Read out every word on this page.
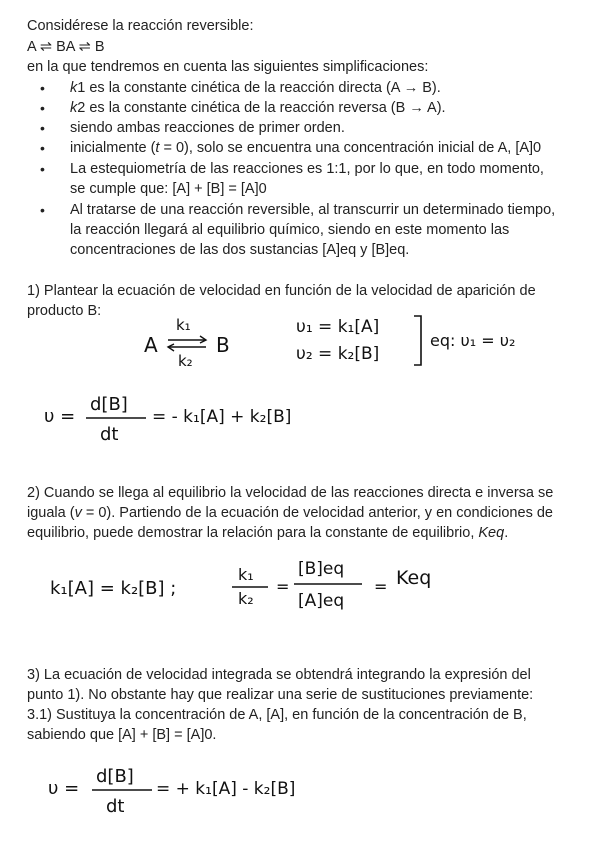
Considérese la reacción reversible:
A ⇌ BA ⇌ B
en la que tendremos en cuenta las siguientes simplificaciones:
• k1 es la constante cinética de la reacción directa (A → B).
• k2 es la constante cinética de la reacción reversa (B → A).
• siendo ambas reacciones de primer orden.
• inicialmente (t = 0), solo se encuentra una concentración inicial de A, [A]0
• La estequiometría de las reacciones es 1:1, por lo que, en todo momento,
se cumple que: [A] + [B] = [A]0
• Al tratarse de una reacción reversible, al transcurrir un determinado tiempo,
la reacción llegará al equilibrio químico, siendo en este momento las
concentraciones de las dos sustancias [A]eq y [B]eq.
1) Plantear la ecuación de velocidad en función de la velocidad de aparición de
producto B:
A
k₁
k₂
B
υ₁ = k₁[A]
υ₂ = k₂[B]
eq: υ₁ = υ₂
υ =
d[B]
dt
= - k₁[A] + k₂[B]
k₁[A] = k₂[B] ;
k₁
k₂
=
[B]eq
[A]eq
= Keq
υ =
d[B]
dt
= + k₁[A] - k₂[B]
2) Cuando se llega al equilibrio la velocidad de las reacciones directa e inversa se
iguala (v = 0). Partiendo de la ecuación de velocidad anterior, y en condiciones de
equilibrio, puede demostrar la relación para la constante de equilibrio, Keq.
3) La ecuación de velocidad integrada se obtendrá integrando la expresión del
punto 1). No obstante hay que realizar una serie de sustituciones previamente:
3.1) Sustituya la concentración de A, [A], en función de la concentración de B,
sabiendo que [A] + [B] = [A]0.
